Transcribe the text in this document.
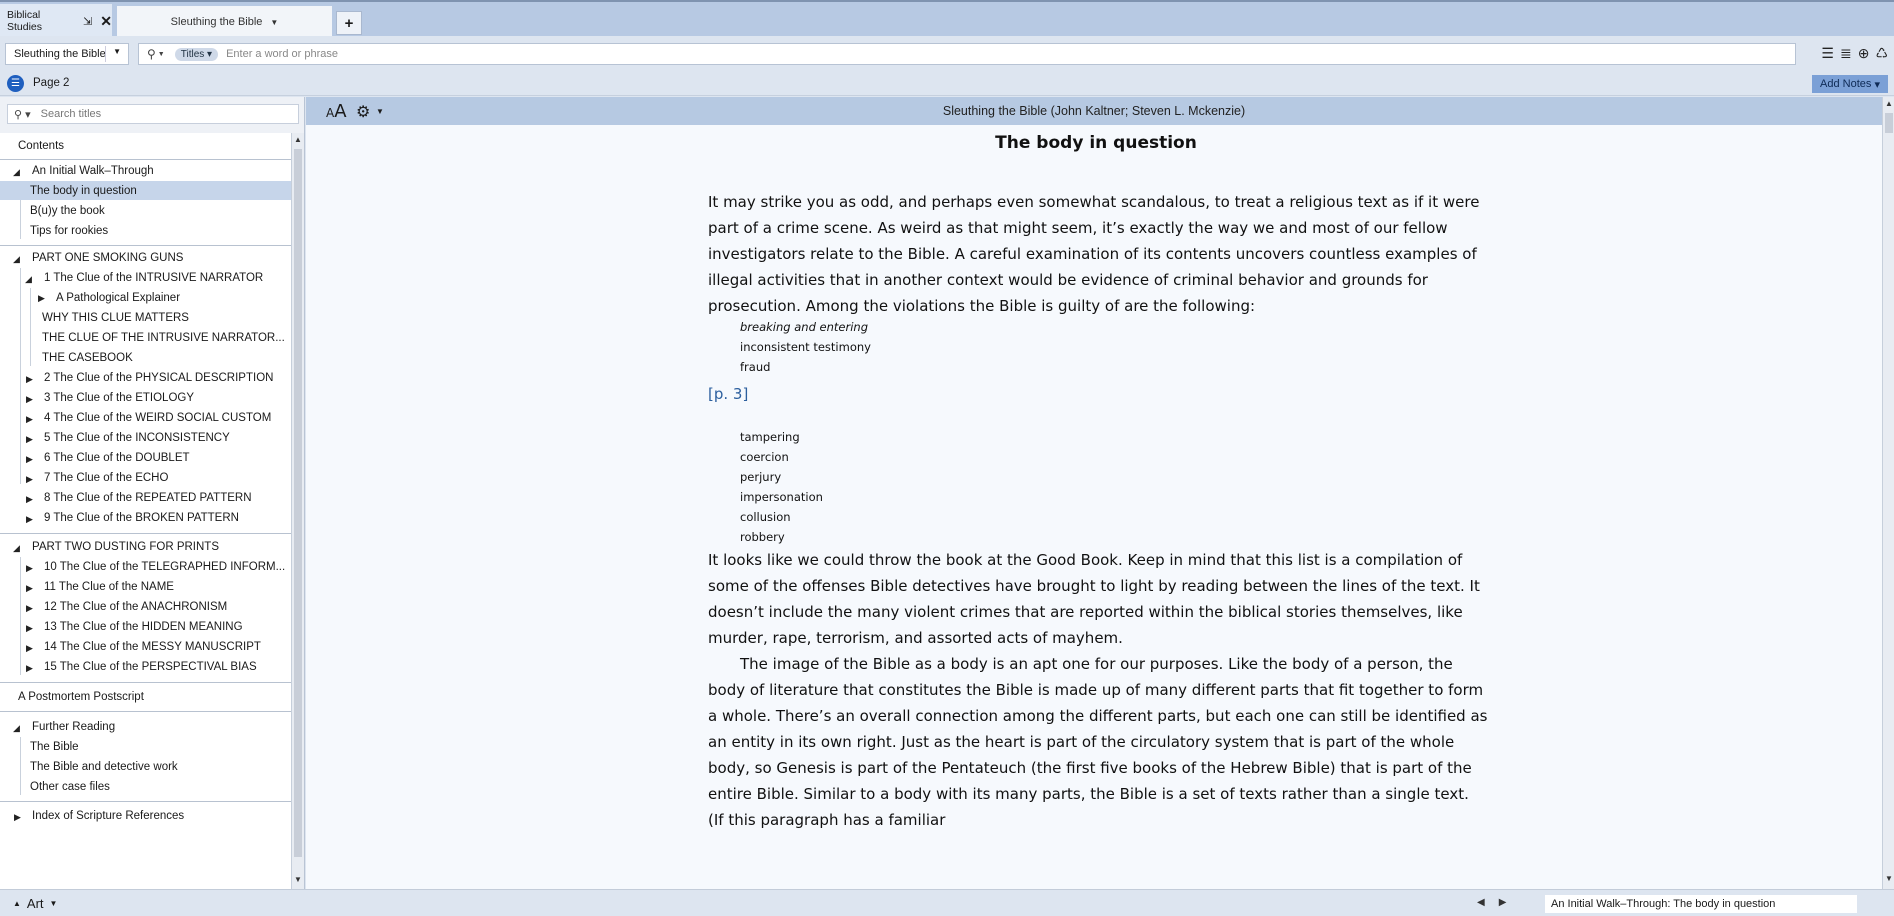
Biblical Studies	⇲ ✕	Sleuthing the Bible ▼	+
Sleuthing the Bible ▼ ⚲ ▼	Titles ▾
Enter a word or phrase	☰ ≣ ⊕ ♺
☰	Page 2	Add Notes ▾
⚲ ▾
Search titles
Contents
◢ An Initial Walk–Through
The body in question
B(u)y the book
Tips for rookies
◢ PART ONE SMOKING GUNS
◢ 1 The Clue of the INTRUSIVE NARRATOR
▶ A Pathological Explainer
WHY THIS CLUE MATTERS
THE CLUE OF THE INTRUSIVE NARRATOR...
THE CASEBOOK
▶ 2 The Clue of the PHYSICAL DESCRIPTION
▶ 3 The Clue of the ETIOLOGY
▶ 4 The Clue of the WEIRD SOCIAL CUSTOM
▶ 5 The Clue of the INCONSISTENCY
▶ 6 The Clue of the DOUBLET
▶ 7 The Clue of the ECHO
▶ 8 The Clue of the REPEATED PATTERN
▶ 9 The Clue of the BROKEN PATTERN
◢ PART TWO DUSTING FOR PRINTS
▶ 10 The Clue of the TELEGRAPHED INFORM...
▶ 11 The Clue of the NAME
▶ 12 The Clue of the ANACHRONISM
▶ 13 The Clue of the HIDDEN MEANING
▶ 14 The Clue of the MESSY MANUSCRIPT
▶ 15 The Clue of the PERSPECTIVAL BIAS
A Postmortem Postscript
◢ Further Reading
The Bible
The Bible and detective work
Other case files
▶ Index of Scripture References
▲
▼
Sleuthing the Bible (John Kaltner; Steven L. Mckenzie)
AA ⚙ ▼
The body in question
It may strike you as odd, and perhaps even somewhat scandalous, to treat a religious text as if it were part of a crime scene. As weird as that might seem, it’s exactly the way we and most of our fellow investigators relate to the Bible. A careful examination of its contents uncovers countless examples of illegal activities that in another context would be evidence of criminal behavior and grounds for prosecution. Among the violations the Bible is guilty of are the following:
breaking and entering
inconsistent testimony
fraud
[p. 3]
tampering
coercion
perjury
impersonation
collusion
robbery
It looks like we could throw the book at the Good Book. Keep in mind that this list is a compilation of some of the offenses Bible detectives have brought to light by reading between the lines of the text. It doesn’t include the many violent crimes that are reported within the biblical stories themselves, like murder, rape, terrorism, and assorted acts of mayhem.
The image of the Bible as a body is an apt one for our purposes. Like the body of a person, the body of literature that constitutes the Bible is made up of many different parts that fit together to form a whole. There’s an overall connection among the different parts, but each one can still be identified as an entity in its own right. Just as the heart is part of the circulatory system that is part of the whole body, so Genesis is part of the Pentateuch (the first five books of the Hebrew Bible) that is part of the entire Bible. Similar to a body with its many parts, the Bible is a set of texts rather than a single text. (If this paragraph has a familiar
▲
▼
▲ Art ▼	◀▶	An Initial Walk–Through: The body in question
